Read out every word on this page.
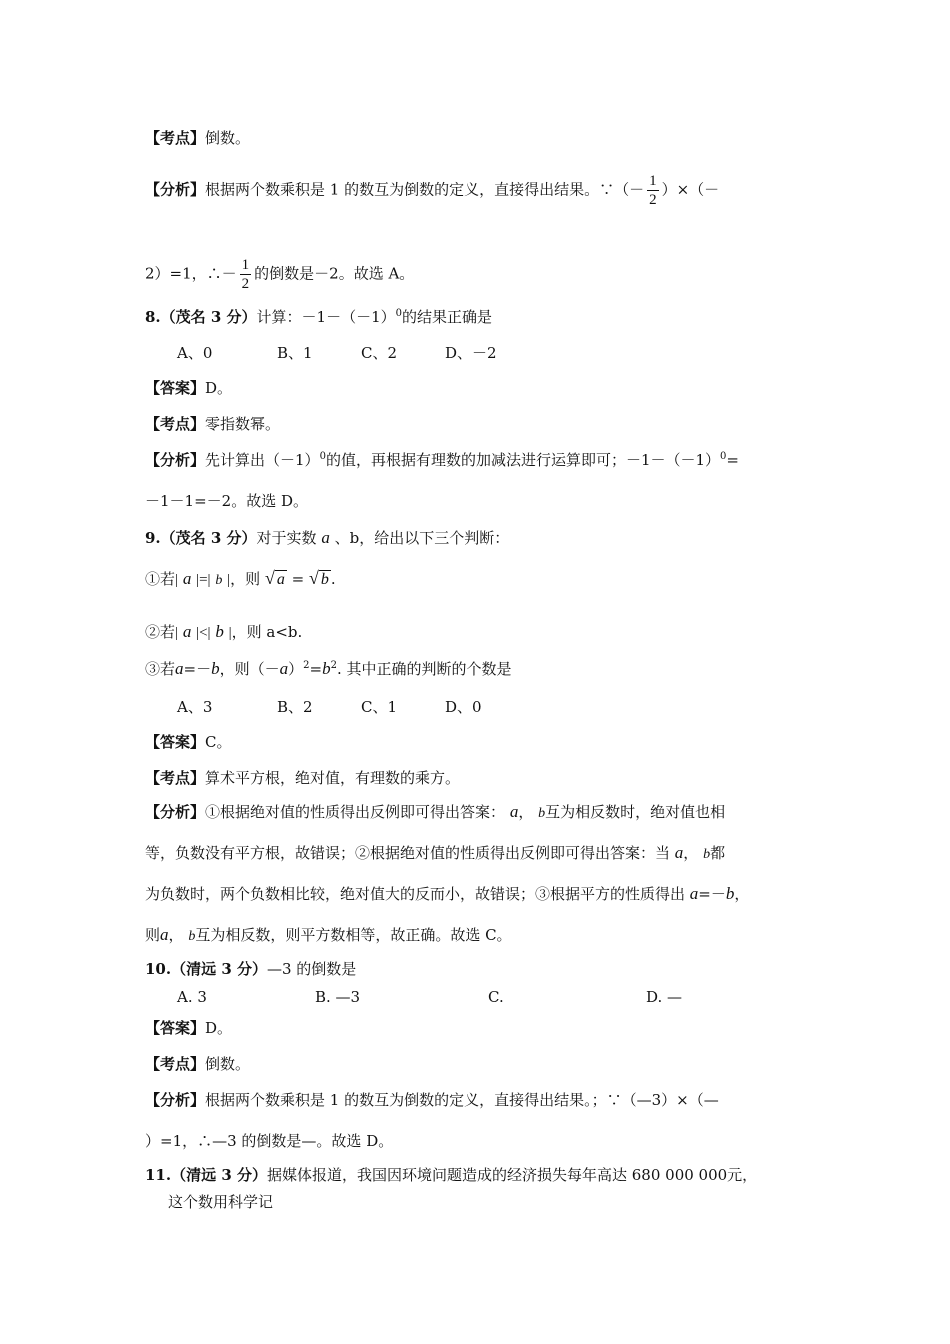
【考点】倒数。
【分析】根据两个数乘积是 1 的数互为倒数的定义，直接得出结果。∵（－ $\frac{1}{2}$ ）×（－
2）=1，∴－ $\frac{1}{2}$ 的倒数是－2。故选 A。
8.（茂名 3 分）计算：$-1-(-1)^0$的结果正确是
A、0	B、1	C、2	D、－2
【答案】D。
【考点】零指数幂。
【分析】先计算出$(-1)^0$的值，再根据有理数的加减法进行运算即可；$-1-(-1)^0=$
－1－1=－2。故选 D。
9.（茂名 3 分）对于实数 a 、b，给出以下三个判断：
①若| a |=| b |，则 √ a = √ b .
②若| a |<| b |，则 a<b.
③若a=－b，则$(-a)^2=b^2$. 其中正确的判断的个数是
A、3	B、2	C、1	D、0
【答案】C。
【考点】算术平方根，绝对值，有理数的乘方。
【分析】①根据绝对值的性质得出反例即可得出答案： a， b互为相反数时，绝对值也相
等，负数没有平方根，故错误；②根据绝对值的性质得出反例即可得出答案：当 a， b都
为负数时，两个负数相比较，绝对值大的反而小，故错误；③根据平方的性质得出 a=－b，
则a， b互为相反数，则平方数相等，故正确。故选 C。
10.（清远 3 分）—3 的倒数是
A. 3	B. —3	C.	D. —
【答案】D。
【考点】倒数。
【分析】根据两个数乘积是 1 的数互为倒数的定义，直接得出结果。；∵（—3）×（—
）=1，∴—3 的倒数是—。故选 D。
11.（清远 3 分）据媒体报道，我国因环境问题造成的经济损失每年高达 680 000 000元，
这个数用科学记
